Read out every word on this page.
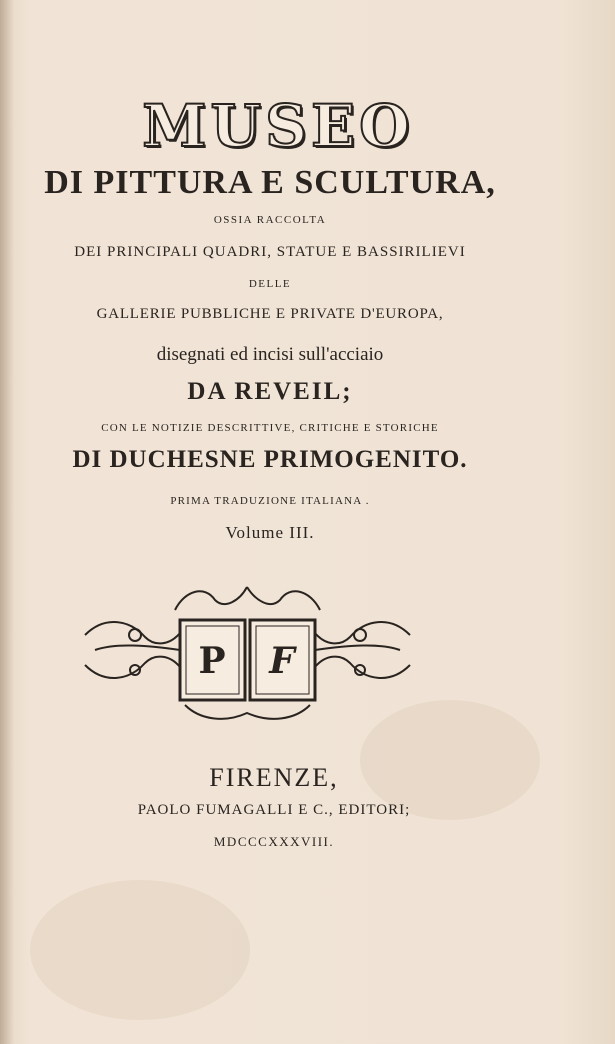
MUSEO
DI PITTURA E SCULTURA,
OSSIA RACCOLTA
DEI PRINCIPALI QUADRI, STATUE E BASSIRILIEVI
DELLE
GALLERIE PUBBLICHE E PRIVATE D'EUROPA,
disegnati ed incisi sull'acciaio
DA REVEIL;
CON LE NOTIZIE DESCRITTIVE, CRITICHE E STORICHE
DI DUCHESNE PRIMOGENITO.
PRIMA TRADUZIONE ITALIANA .
Volume III.
P F
FIRENZE,
PAOLO FUMAGALLI E C., EDITORI;
MDCCCXXXVIII.
